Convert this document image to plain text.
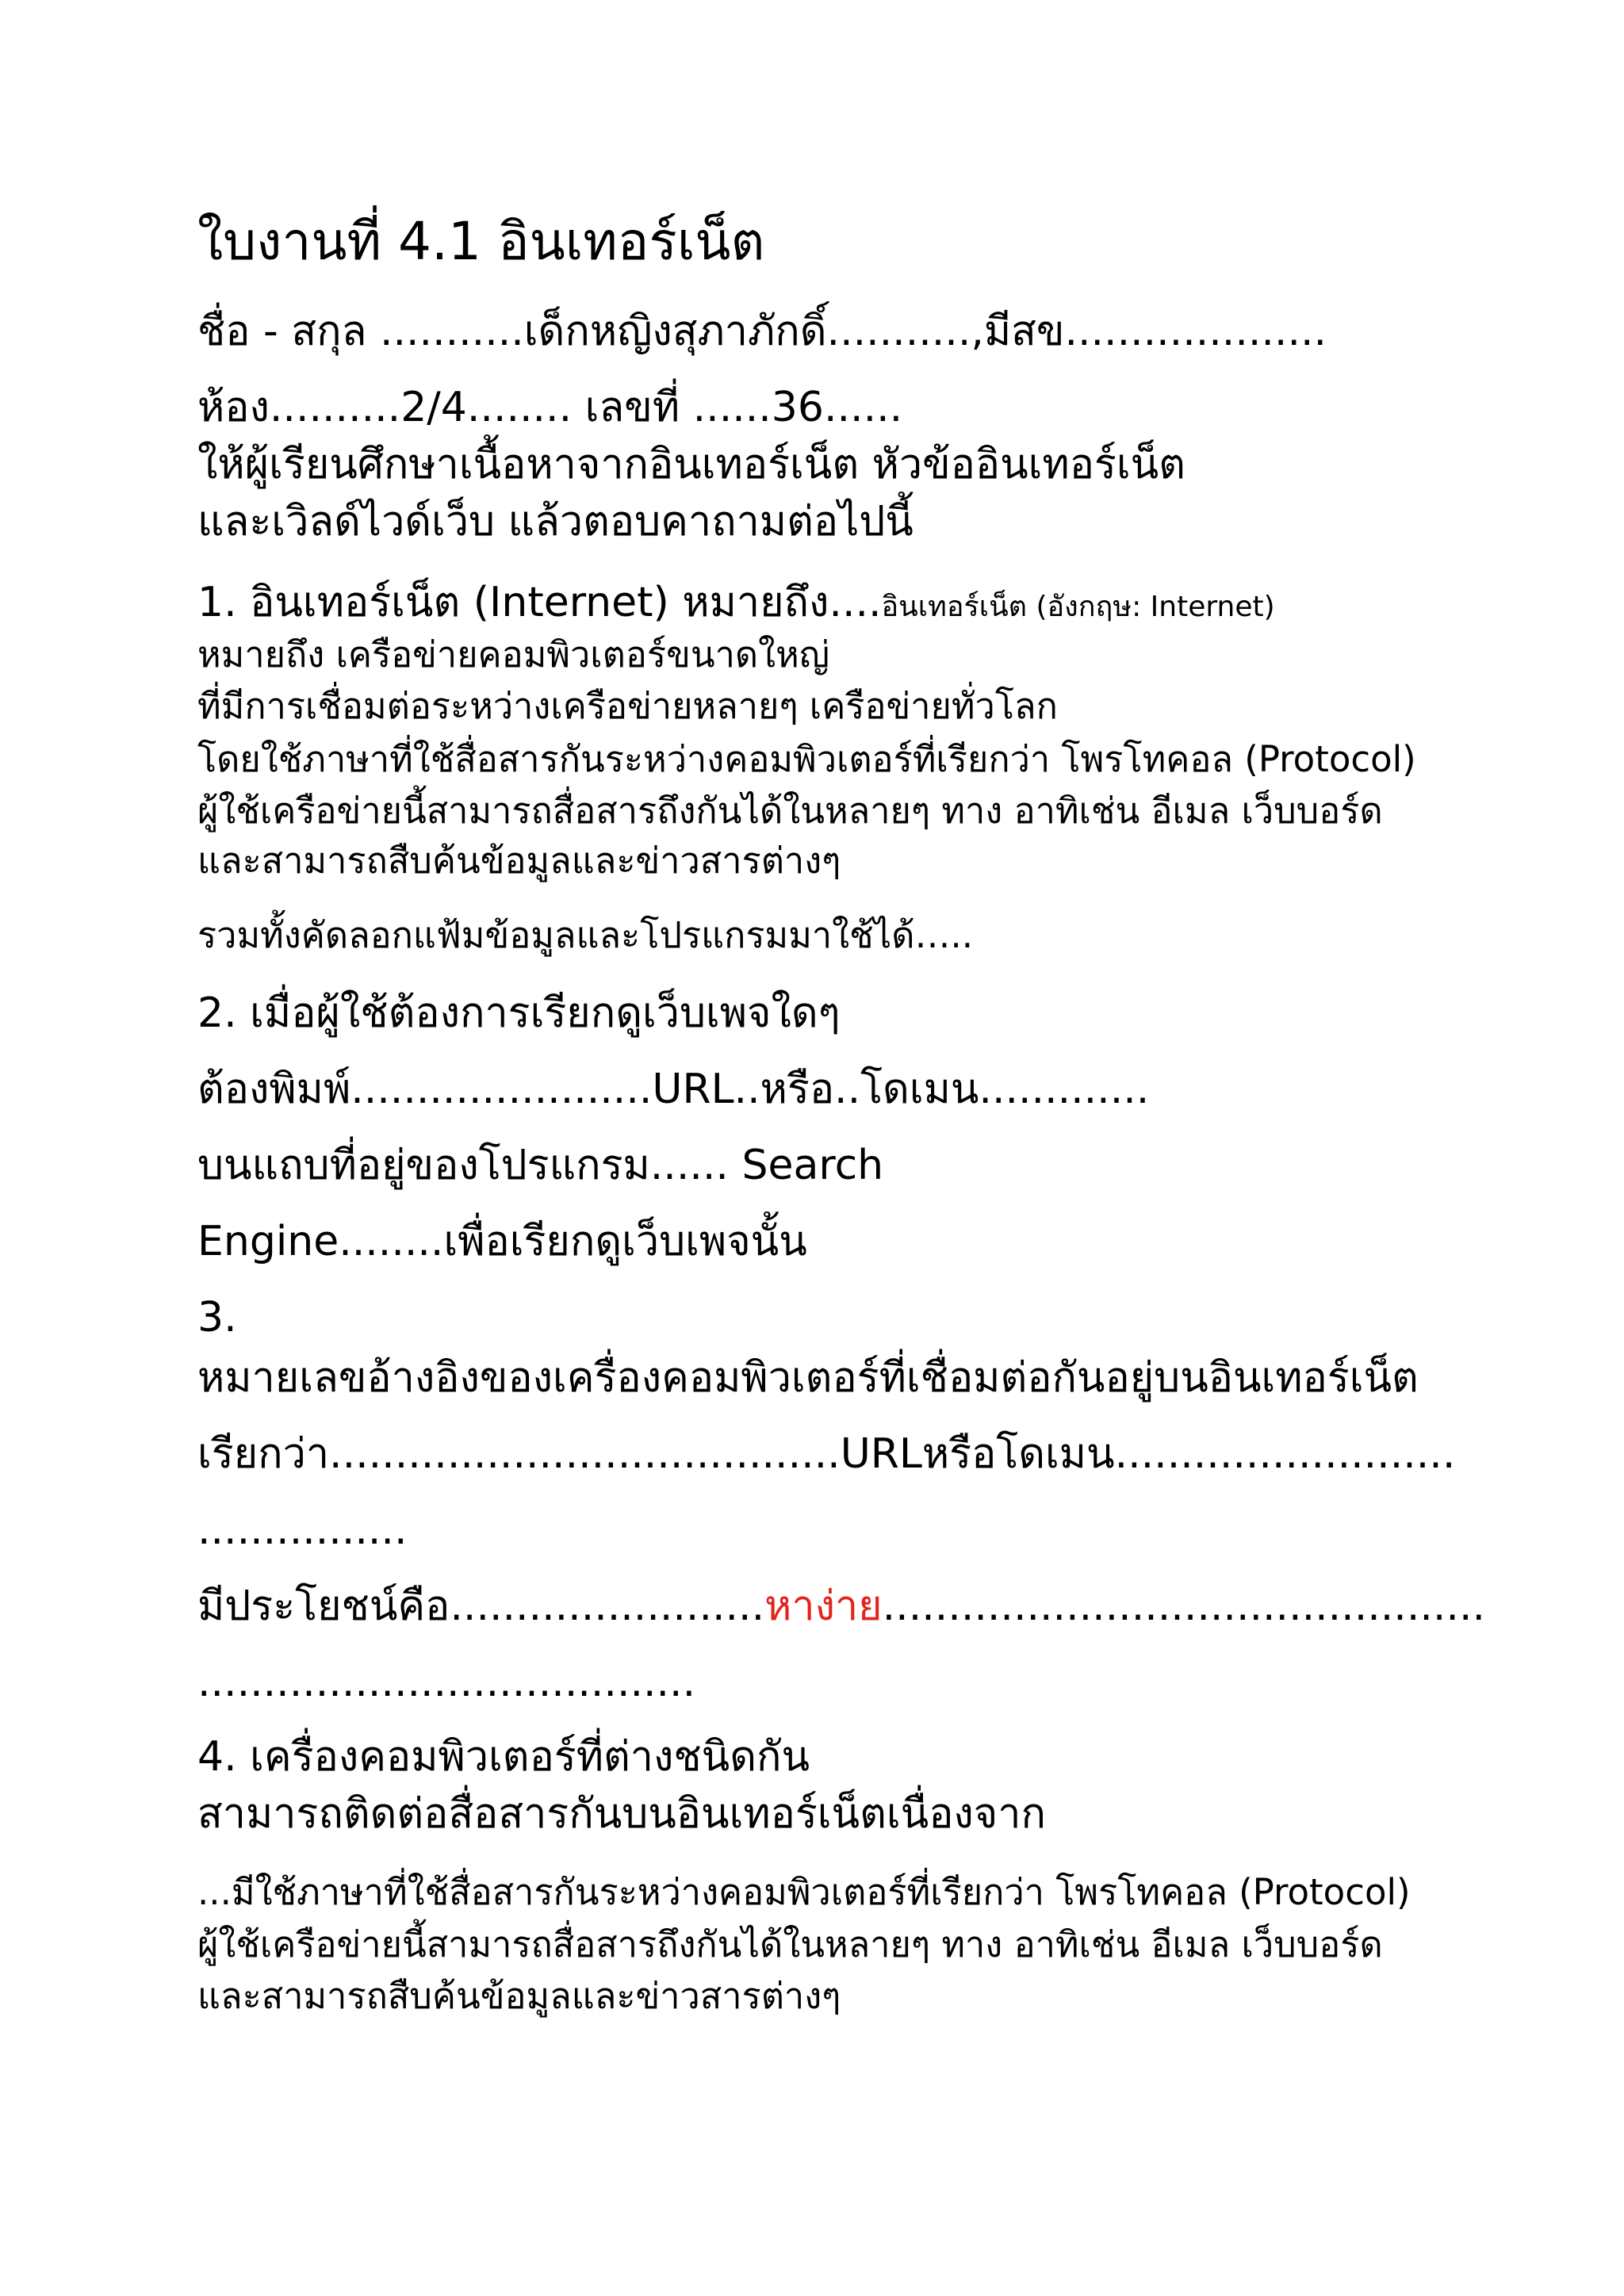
ใบงานที่ 4.1 อินเทอร์เน็ต
ชื่อ - สกุล ...........เด็กหญิงสุภาภักดิ์...........,มีสข....................
ห้อง..........2/4........ เลขที่ ......36......
ให้ผู้เรียนศึกษาเนื้อหาจากอินเทอร์เน็ต หัวข้ออินเทอร์เน็ต
และเวิลด์ไวด์เว็บ แล้วตอบคาถามต่อไปนี้
1. อินเทอร์เน็ต (Internet) หมายถึง....อินเทอร์เน็ต (อังกฤษ: Internet)
หมายถึง เครือข่ายคอมพิวเตอร์ขนาดใหญ่
ที่มีการเชื่อมต่อระหว่างเครือข่ายหลายๆ เครือข่ายทั่วโลก
โดยใช้ภาษาที่ใช้สื่อสารกันระหว่างคอมพิวเตอร์ที่เรียกว่า โพรโทคอล (Protocol)
ผู้ใช้เครือข่ายนี้สามารถสื่อสารถึงกันได้ในหลายๆ ทาง อาทิเช่น อีเมล เว็บบอร์ด
และสามารถสืบค้นข้อมูลและข่าวสารต่างๆ
รวมทั้งคัดลอกแฟ้มข้อมูลและโปรแกรมมาใช้ได้…..
2. เมื่อผู้ใช้ต้องการเรียกดูเว็บเพจใดๆ
ต้องพิมพ์.......................URL..หรือ..โดเมน.............
บนแถบที่อยู่ของโปรแกรม...... Search
Engine........เพื่อเรียกดูเว็บเพจนั้น
3.
หมายเลขอ้างอิงของเครื่องคอมพิวเตอร์ที่เชื่อมต่อกันอยู่บนอินเทอร์เน็ต
เรียกว่า.......................................URLหรือโดเมน..........................
................
มีประโยชน์คือ........................หาง่าย..............................................
......................................
4. เครื่องคอมพิวเตอร์ที่ต่างชนิดกัน
สามารถติดต่อสื่อสารกันบนอินเทอร์เน็ตเนื่องจาก
...มีใช้ภาษาที่ใช้สื่อสารกันระหว่างคอมพิวเตอร์ที่เรียกว่า โพรโทคอล (Protocol)
ผู้ใช้เครือข่ายนี้สามารถสื่อสารถึงกันได้ในหลายๆ ทาง อาทิเช่น อีเมล เว็บบอร์ด
และสามารถสืบค้นข้อมูลและข่าวสารต่างๆ
